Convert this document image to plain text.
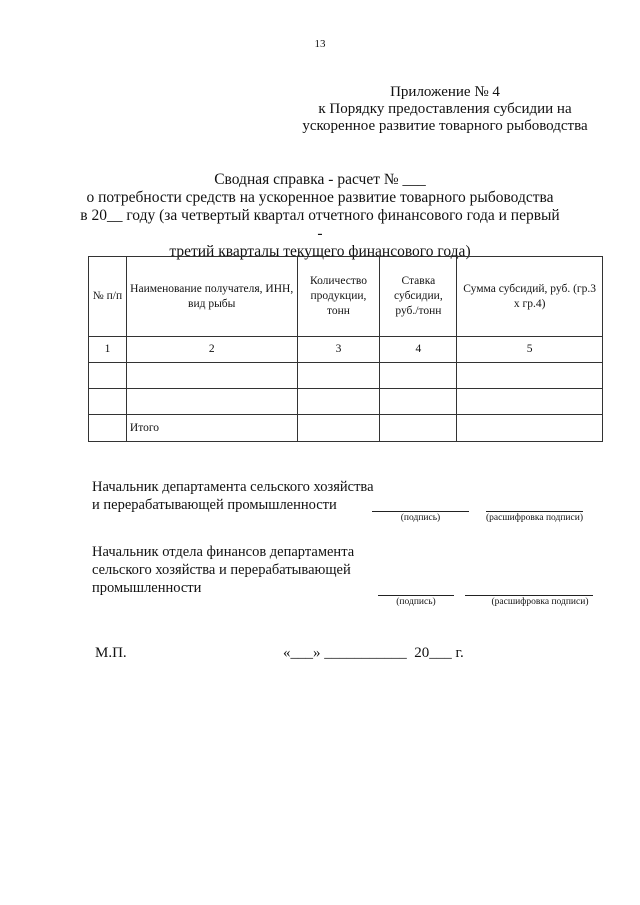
13
Приложение № 4
к Порядку предоставления субсидии на
ускоренное развитие товарного рыбоводства
Сводная справка - расчет № ___
о потребности средств на ускоренное развитие товарного рыбоводства
в 20__ году (за четвертый квартал отчетного финансового года и первый -
третий кварталы текущего финансового года)
№ п/п	Наименование получателя, ИНН, вид рыбы	Количество продукции, тонн	Ставка субсидии, руб./тонн	Сумма субсидий, руб. (гр.3 х гр.4)
1	2	3	4	5

	Итого			
Начальник департамента сельского хозяйства
и перерабатывающей промышленности
(подпись)	(расшифровка подписи)
Начальник отдела финансов департамента
сельского хозяйства и перерабатывающей
промышленности
(подпись)	(расшифровка подписи)
М.П.	«___» ___________  20___ г.
